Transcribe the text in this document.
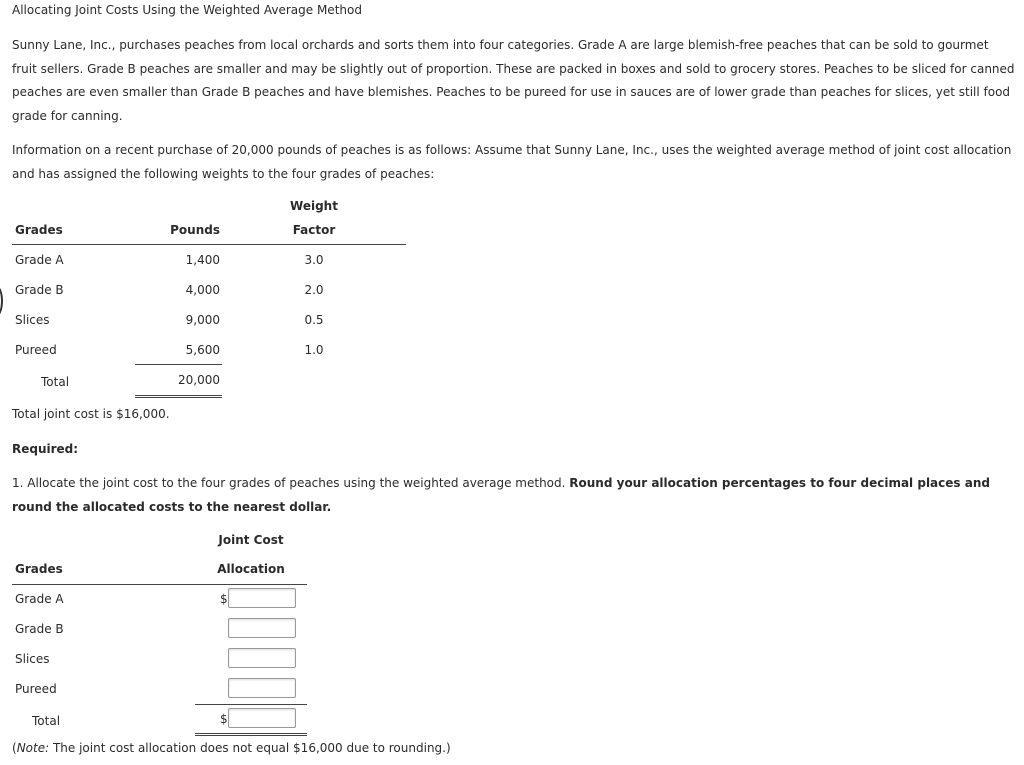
Allocating Joint Costs Using the Weighted Average Method
Sunny Lane, Inc., purchases peaches from local orchards and sorts them into four categories. Grade A are large blemish-free peaches that can be sold to gourmet fruit sellers. Grade B peaches are smaller and may be slightly out of proportion. These are packed in boxes and sold to grocery stores. Peaches to be sliced for canned peaches are even smaller than Grade B peaches and have blemishes. Peaches to be pureed for use in sauces are of lower grade than peaches for slices, yet still food grade for canning.
Information on a recent purchase of 20,000 pounds of peaches is as follows: Assume that Sunny Lane, Inc., uses the weighted average method of joint cost allocation and has assigned the following weights to the four grades of peaches:
Weight
Grades	Pounds	Factor
Grade A	1,400	3.0
Grade B	4,000	2.0
Slices	9,000	0.5
Pureed	5,600	1.0
Total	20,000
Total joint cost is $16,000.
Required:
1. Allocate the joint cost to the four grades of peaches using the weighted average method. Round your allocation percentages to four decimal places and round the allocated costs to the nearest dollar.
Joint Cost
Grades	Allocation
Grade A	$
Grade B
Slices
Pureed
Total	$
(Note: The joint cost allocation does not equal $16,000 due to rounding.)
